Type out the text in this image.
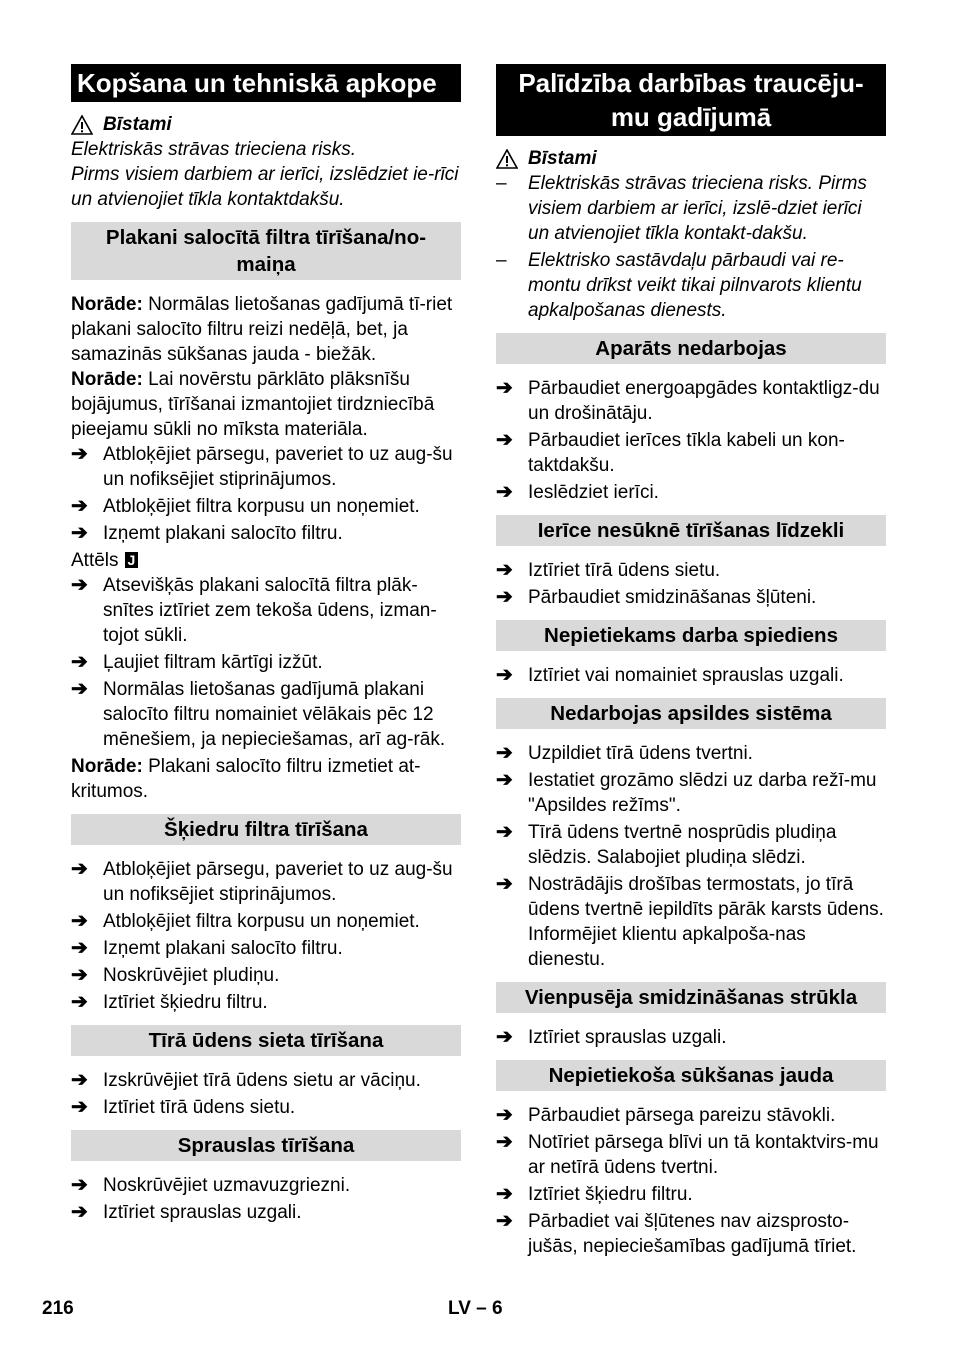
Kopšana un tehniskā apkope
Bīstami

Elektriskās strāvas trieciena risks.

Pirms visiem darbiem ar ierīci, izslēdziet ie-rīci un atvienojiet tīkla kontaktdakšu.

Plakani salocītā filtra tīrīšana/no-maiņa

Norāde: Normālas lietošanas gadījumā tī-riet plakani salocīto filtru reizi nedēļā, bet, ja samazinās sūkšanas jauda - biežāk.

Norāde: Lai novērstu pārklāto plāksnīšu bojājumus, tīrīšanai izmantojiet tirdzniecībā pieejamu sūkli no mīksta materiāla.

➔ Atbloķējiet pārsegu, paveriet to uz aug-šu un nofiksējiet stiprinājumos.
➔ Atbloķējiet filtra korpusu un noņemiet.
➔ Izņemt plakani salocīto filtru.

Attēls J

➔ Atsevišķās plakani salocītā filtra plāk-snītes iztīriet zem tekoša ūdens, izman-tojot sūkli.
➔ Ļaujiet filtram kārtīgi izžūt.
➔ Normālas lietošanas gadījumā plakani salocīto filtru nomainiet vēlākais pēc 12 mēnešiem, ja nepieciešamas, arī ag-rāk.

Norāde: Plakani salocīto filtru izmetiet at-kritumos.

Šķiedru filtra tīrīšana
➔ Atbloķējiet pārsegu, paveriet to uz aug-šu un nofiksējiet stiprinājumos.
➔ Atbloķējiet filtra korpusu un noņemiet.
➔ Izņemt plakani salocīto filtru.
➔ Noskrūvējiet pludiņu.
➔ Iztīriet šķiedru filtru.
Tīrā ūdens sieta tīrīšana
➔ Izskrūvējiet tīrā ūdens sietu ar vāciņu.
➔ Iztīriet tīrā ūdens sietu.
Sprauslas tīrīšana
➔ Noskrūvējiet uzmavuzgriezni.
➔ Iztīriet sprauslas uzgali.
Palīdzība darbības traucēju-mu gadījumā
Bīstami
–	Elektriskās strāvas trieciena risks. Pirms visiem darbiem ar ierīci, izslē-dziet ierīci un atvienojiet tīkla kontakt-dakšu.
–	Elektrisko sastāvdaļu pārbaudi vai re-montu drīkst veikt tikai pilnvarots klientu apkalpošanas dienests.
Aparāts nedarbojas
➔ Pārbaudiet energoapgādes kontaktligz-du un drošinātāju.
➔ Pārbaudiet ierīces tīkla kabeli un kon-taktdakšu.
➔ Ieslēdziet ierīci.
Ierīce nesūknē tīrīšanas līdzekli
➔ Iztīriet tīrā ūdens sietu.
➔ Pārbaudiet smidzināšanas šļūteni.
Nepietiekams darba spiediens
➔ Iztīriet vai nomainiet sprauslas uzgali.
Nedarbojas apsildes sistēma
➔ Uzpildiet tīrā ūdens tvertni.
➔ Iestatiet grozāmo slēdzi uz darba režī-mu "Apsildes režīms".
➔ Tīrā ūdens tvertnē nosprūdis pludiņa slēdzis. Salabojiet pludiņa slēdzi.
➔ Nostrādājis drošības termostats, jo tīrā ūdens tvertnē iepildīts pārāk karsts ūdens. Informējiet klientu apkalpoša-nas dienestu.
Vienpusēja smidzināšanas strūkla
➔ Iztīriet sprauslas uzgali.
Nepietiekoša sūkšanas jauda
➔ Pārbaudiet pārsega pareizu stāvokli.
➔ Notīriet pārsega blīvi un tā kontaktvirs-mu ar netīrā ūdens tvertni.
➔ Iztīriet šķiedru filtru.
➔ Pārbadiet vai šļūtenes nav aizsprosto-jušās, nepieciešamības gadījumā tīriet.
216	LV – 6
